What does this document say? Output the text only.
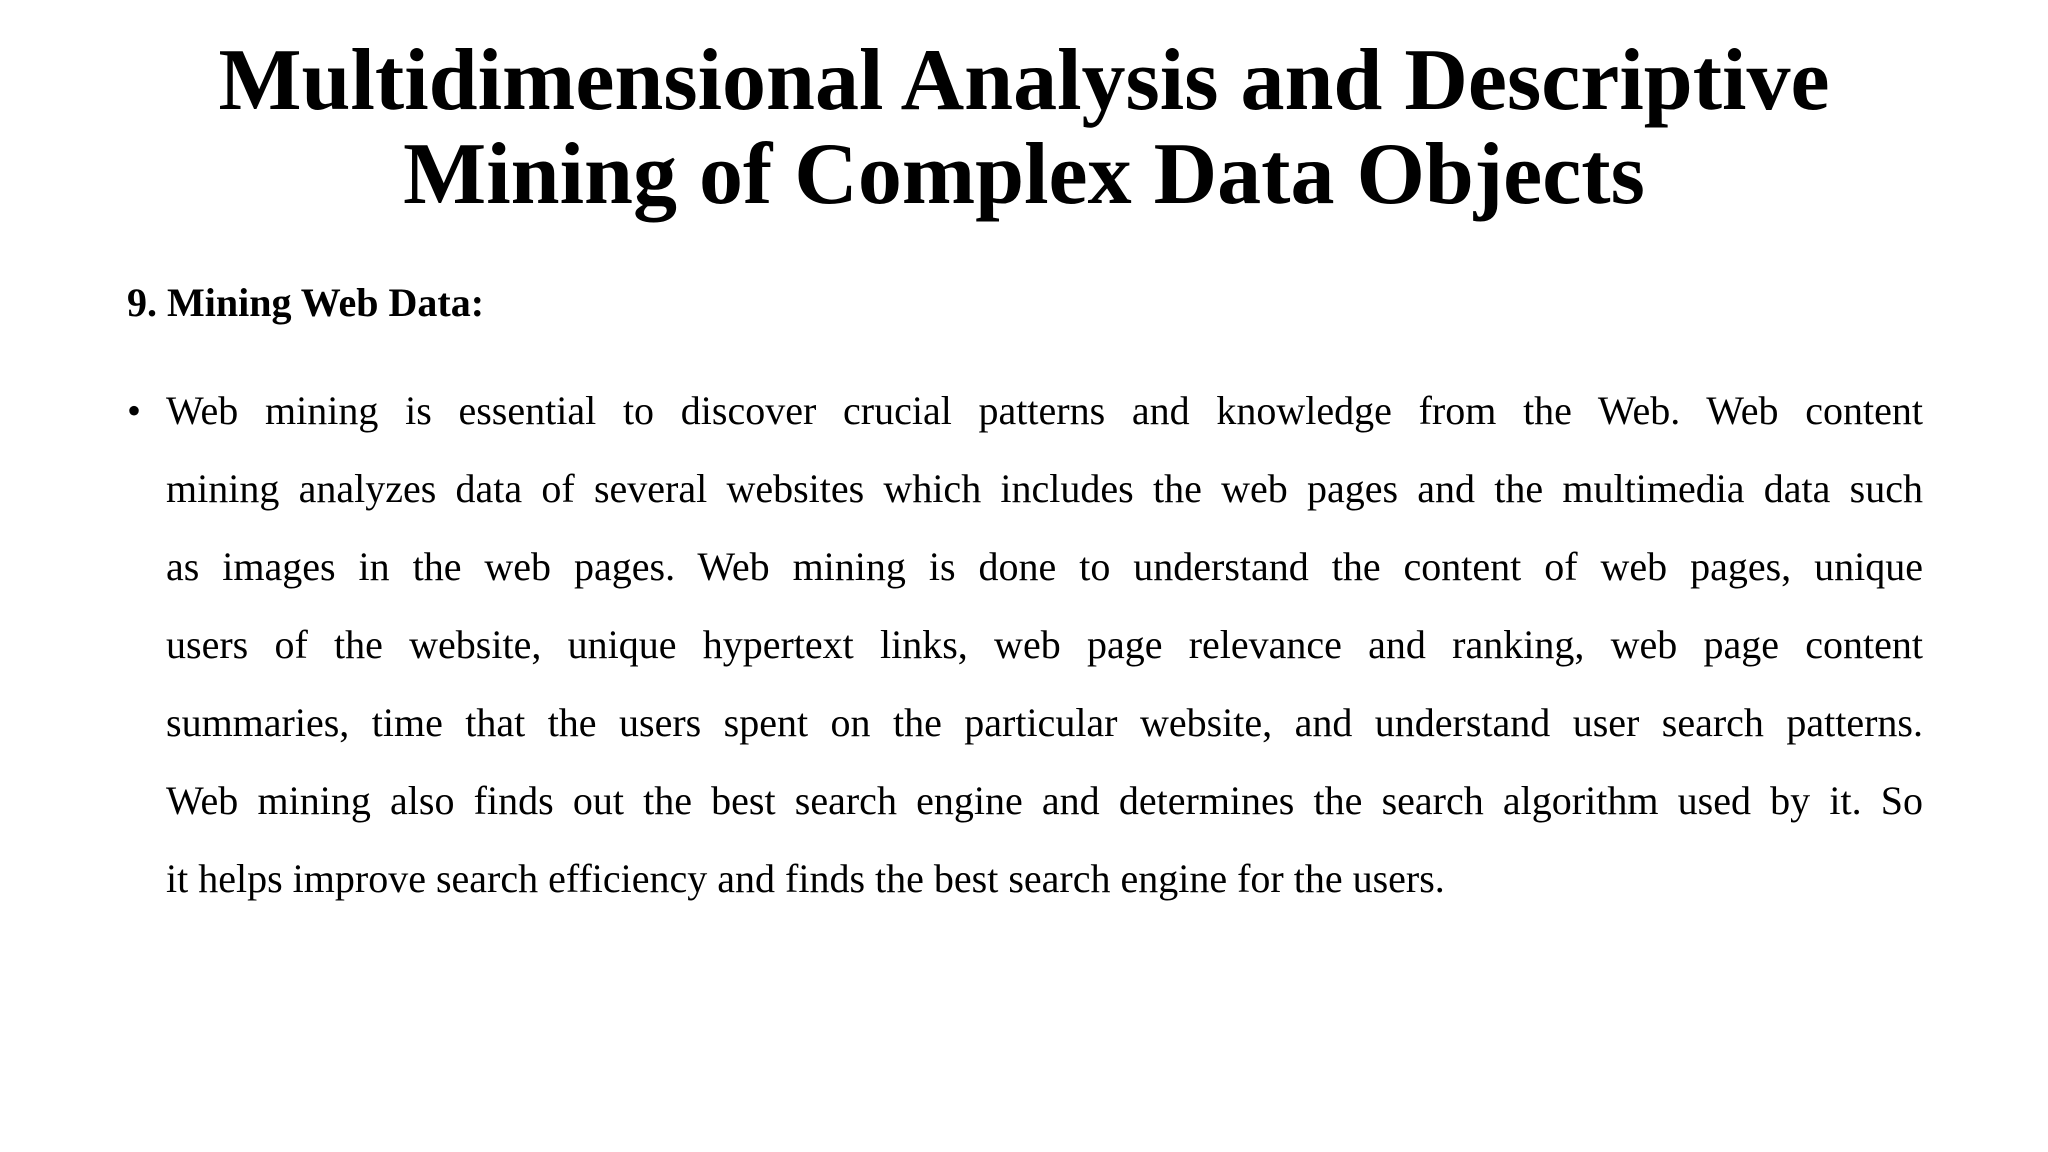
Multidimensional Analysis and Descriptive
Mining of Complex Data Objects
9. Mining Web Data:
• Web mining is essential to discover crucial patterns and knowledge from the Web. Web content
mining analyzes data of several websites which includes the web pages and the multimedia data such
as images in the web pages. Web mining is done to understand the content of web pages, unique
users of the website, unique hypertext links, web page relevance and ranking, web page content
summaries, time that the users spent on the particular website, and understand user search patterns.
Web mining also finds out the best search engine and determines the search algorithm used by it. So
it helps improve search efficiency and finds the best search engine for the users.
